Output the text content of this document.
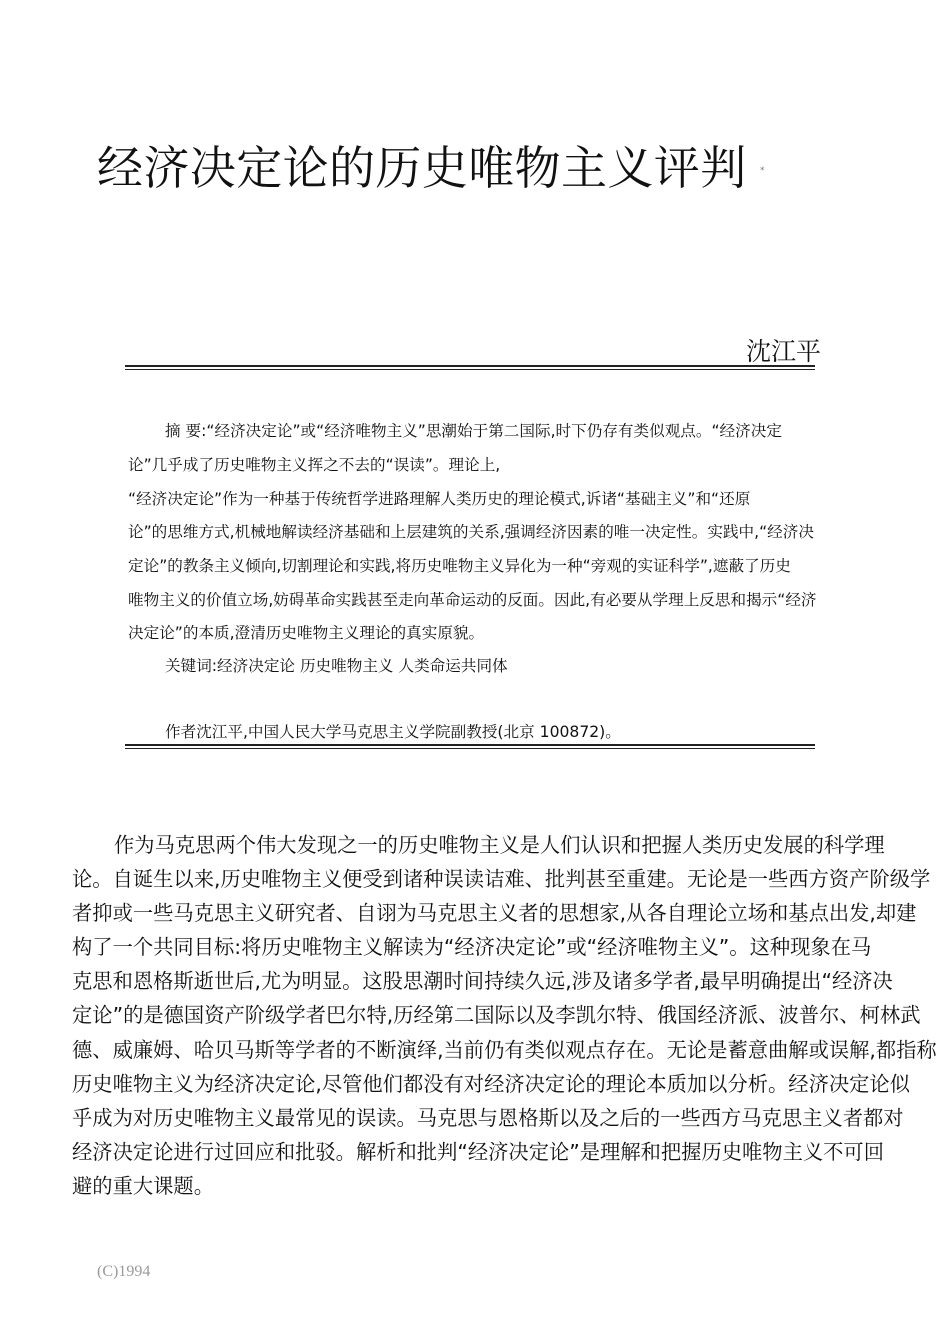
经济决定论的历史唯物主义评判 *
沈江平
摘 要:“经济决定论”或“经济唯物主义”思潮始于第二国际,时下仍存有类似观点。“经济决定
论”几乎成了历史唯物主义挥之不去的“误读”。理论上,
“经济决定论”作为一种基于传统哲学进路理解人类历史的理论模式,诉诸“基础主义”和“还原
论”的思维方式,机械地解读经济基础和上层建筑的关系,强调经济因素的唯一决定性。实践中,“经济决
定论”的教条主义倾向,切割理论和实践,将历史唯物主义异化为一种“旁观的实证科学”,遮蔽了历史
唯物主义的价值立场,妨碍革命实践甚至走向革命运动的反面。因此,有必要从学理上反思和揭示“经济
决定论”的本质,澄清历史唯物主义理论的真实原貌。
关键词:经济决定论 历史唯物主义 人类命运共同体
作者沈江平,中国人民大学马克思主义学院副教授(北京 100872)。
作为马克思两个伟大发现之一的历史唯物主义是人们认识和把握人类历史发展的科学理
论。自诞生以来,历史唯物主义便受到诸种误读诘难、批判甚至重建。无论是一些西方资产阶级学
者抑或一些马克思主义研究者、自诩为马克思主义者的思想家,从各自理论立场和基点出发,却建
构了一个共同目标:将历史唯物主义解读为“经济决定论”或“经济唯物主义”。这种现象在马
克思和恩格斯逝世后,尤为明显。这股思潮时间持续久远,涉及诸多学者,最早明确提出“经济决
定论”的是德国资产阶级学者巴尔特,历经第二国际以及李凯尔特、俄国经济派、波普尔、柯林武
德、威廉姆、哈贝马斯等学者的不断演绎,当前仍有类似观点存在。无论是蓄意曲解或误解,都指称
历史唯物主义为经济决定论,尽管他们都没有对经济决定论的理论本质加以分析。经济决定论似
乎成为对历史唯物主义最常见的误读。马克思与恩格斯以及之后的一些西方马克思主义者都对
经济决定论进行过回应和批驳。解析和批判“经济决定论”是理解和把握历史唯物主义不可回
避的重大课题。
(C)1994
